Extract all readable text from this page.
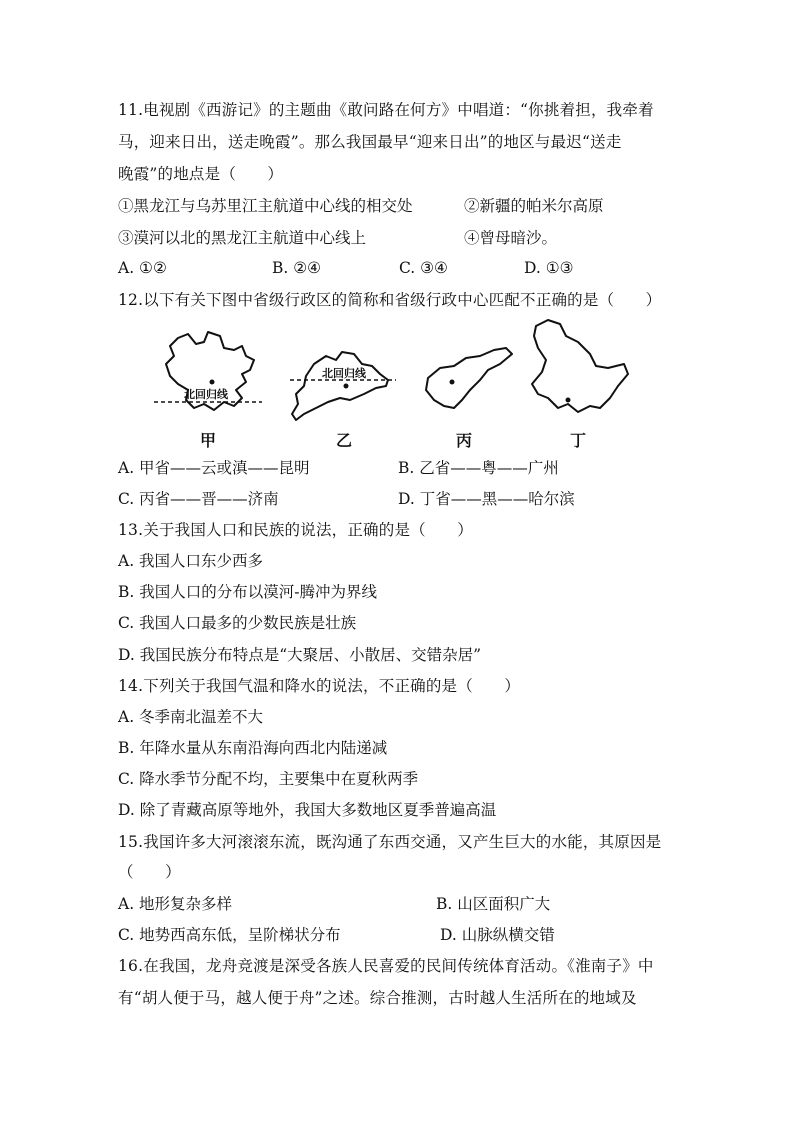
11.电视剧《西游记》的主题曲《敢问路在何方》中唱道：“你挑着担，我牵着
马，迎来日出，送走晚霞”。那么我国最早“迎来日出”的地区与最迟“送走
晚霞”的地点是（　　）
①黑龙江与乌苏里江主航道中心线的相交处	②新疆的帕米尔高原
③漠河以北的黑龙江主航道中心线上	④曾母暗沙。
A. ①②	B. ②④	C. ③④	D. ①③
12.以下有关下图中省级行政区的简称和省级行政中心匹配不正确的是（　　）
北回归线
北回归线
甲	乙	丙	丁
A. 甲省——云或滇——昆明	B. 乙省——粤——广州
C. 丙省——晋——济南	D. 丁省——黑——哈尔滨
13.关于我国人口和民族的说法，正确的是（　　）
A. 我国人口东少西多
B. 我国人口的分布以漠河-腾冲为界线
C. 我国人口最多的少数民族是壮族
D. 我国民族分布特点是“大聚居、小散居、交错杂居”
14.下列关于我国气温和降水的说法，不正确的是（　　）
A. 冬季南北温差不大
B. 年降水量从东南沿海向西北内陆递减
C. 降水季节分配不均，主要集中在夏秋两季
D. 除了青藏高原等地外，我国大多数地区夏季普遍高温
15.我国许多大河滚滚东流，既沟通了东西交通，又产生巨大的水能，其原因是
（　　）
A. 地形复杂多样	B. 山区面积广大
C. 地势西高东低，呈阶梯状分布	D. 山脉纵横交错
16.在我国，龙舟竞渡是深受各族人民喜爱的民间传统体育活动。《淮南子》中
有“胡人便于马，越人便于舟”之述。综合推测，古时越人生活所在的地域及
